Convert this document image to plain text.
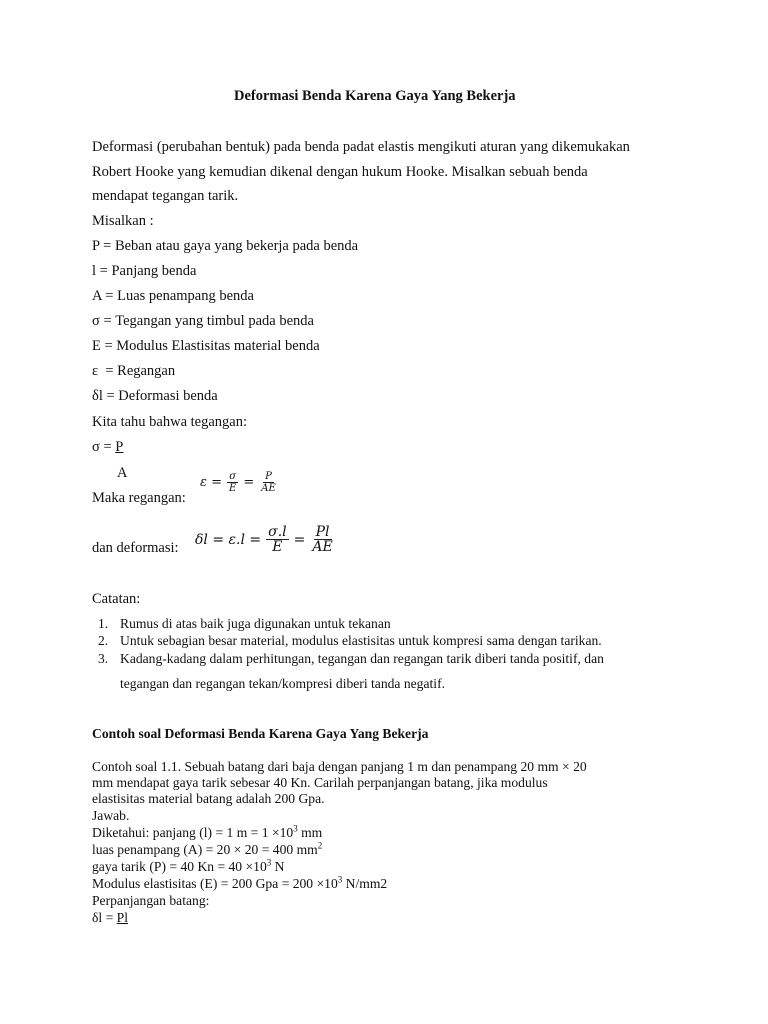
Deformasi Benda Karena Gaya Yang Bekerja
Deformasi (perubahan bentuk) pada benda padat elastis mengikuti aturan yang dikemukakan
Robert Hooke yang kemudian dikenal dengan hukum Hooke. Misalkan sebuah benda
mendapat tegangan tarik.
Misalkan :
P = Beban atau gaya yang bekerja pada benda
l = Panjang benda
A = Luas penampang benda
σ = Tegangan yang timbul pada benda
E = Modulus Elastisitas material benda
ε  = Regangan
δl = Deformasi benda
Kita tahu bahwa tegangan:
σ = P
A
Maka regangan:
$\varepsilon = \frac{\sigma}{E} = \frac{P}{AE}$
dan deformasi:
$\delta l = \varepsilon.l = \frac{\sigma.l}{E} = \frac{Pl}{AE}$
Catatan:
1. Rumus di atas baik juga digunakan untuk tekanan
2. Untuk sebagian besar material, modulus elastisitas untuk kompresi sama dengan tarikan.
3. Kadang-kadang dalam perhitungan, tegangan dan regangan tarik diberi tanda positif, dan
tegangan dan regangan tekan/kompresi diberi tanda negatif.
Contoh soal Deformasi Benda Karena Gaya Yang Bekerja
Contoh soal 1.1. Sebuah batang dari baja dengan panjang 1 m dan penampang 20 mm × 20
mm mendapat gaya tarik sebesar 40 Kn. Carilah perpanjangan batang, jika modulus
elastisitas material batang adalah 200 Gpa.
Jawab.
Diketahui: panjang (l) = 1 $m = 1 \times 10^3$ mm
luas penampang (A) = 20 × 20 = 400 $mm^2$
gaya tarik (P) = 40 $Kn = 40 \times 10^3$ N
Modulus elastisitas (E) = 200 Gpa = $200 \times 10^3$ N/mm2
Perpanjangan batang:
δl = Pl
